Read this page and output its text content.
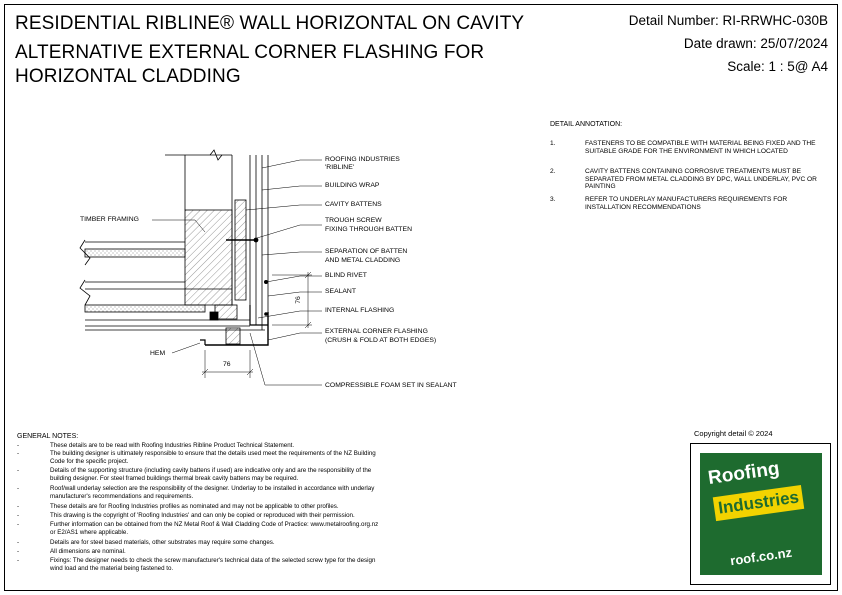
RESIDENTIAL RIBLINE® WALL HORIZONTAL ON CAVITY
ALTERNATIVE EXTERNAL CORNER FLASHING FOR
HORIZONTAL CLADDING
Detail Number: RI-RRWHC-030B
Date drawn: 25/07/2024
Scale: 1 : 5@ A4
DETAIL ANNOTATION:
1.	FASTENERS TO BE COMPATIBLE WITH MATERIAL BEING FIXED AND THE SUITABLE GRADE FOR THE ENVIRONMENT IN WHICH LOCATED
2.	CAVITY BATTENS CONTAINING CORROSIVE TREATMENTS MUST BE SEPARATED FROM METAL CLADDING BY DPC, WALL UNDERLAY, PVC OR PAINTING
3.	REFER TO UNDERLAY MANUFACTURERS REQUIREMENTS FOR INSTALLATION RECOMMENDATIONS
ROOFING INDUSTRIES
'RIBLINE'
BUILDING WRAP
CAVITY BATTENS
TROUGH SCREW
FIXING THROUGH BATTEN
SEPARATION OF BATTEN
AND METAL CLADDING
BLIND RIVET
SEALANT
INTERNAL FLASHING
EXTERNAL CORNER FLASHING
(CRUSH & FOLD AT BOTH EDGES)
COMPRESSIBLE FOAM SET IN SEALANT
TIMBER FRAMING
HEM
76
76
GENERAL NOTES:
-	These details are to be read with Roofing Industries Ribline Product Technical Statement.
-	The building designer is ultimately responsible to ensure that the details used meet the requirements of the NZ Building
Code for the specific project.
-	Details of the supporting structure (including cavity battens if used) are indicative only and are the responsibility of the
building designer. For steel framed buildings thermal break cavity battens may be required.
-	Roof/wall underlay selection are the responsibility of the designer. Underlay to be installed in accordance with underlay
manufacturer's recommendations and requirements.
-	These details are for Roofing Industries profiles as nominated and may not be applicable to other profiles.
-	This drawing is the copyright of 'Roofing Industries' and can only be copied or reproduced with their permission.
-	Further information can be obtained from the NZ Metal Roof & Wall Cladding Code of Practice: www.metalroofing.org.nz
or E2/AS1 where applicable.
-	Details are for steel based materials, other substrates may require some changes.
-	All dimensions are nominal.
-	Fixings: The designer needs to check the screw manufacturer's technical data of the selected screw type for the design
wind load and the material being fastened to.
Copyright detail © 2024
Roofing
Industries
roof.co.nz
